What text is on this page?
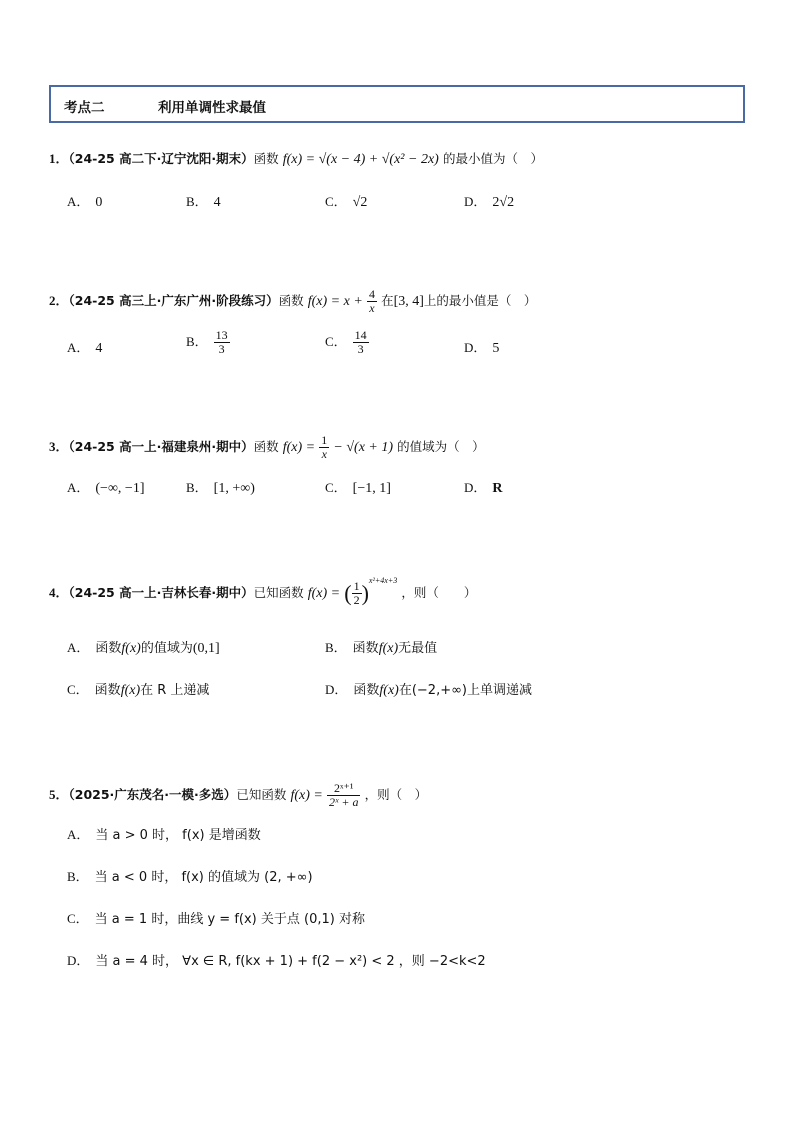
考点二	利用单调性求最值
1．（24-25 高二下·辽宁沈阳·期末）函数 f(x) = √(x − 4) + √(x² − 2x) 的最小值为（　）
A． 0	B． 4	C． √2	D． 2√2
2．（24-25 高三上·广东广州·阶段练习）函数 $f(x) = x + \frac{4}{x}$ 在[3, 4]上的最小值是（　）
A． 4	B． $\frac{13}{3}$	C． $\frac{14}{3}$	D． 5
3．（24-25 高一上·福建泉州·期中）函数 $f(x) = \frac{1}{x} - √(x + 1)$ 的值域为（　）
A． (−∞, −1]	B． [1, +∞)	C． [−1, 1]	D． R
4．（24-25 高一上·吉林长春·期中）已知函数 f(x) = ( $\frac{1}{2} )^{x^2+4x+3}$ ，则（　　）
A． 函数f(x)的值域为(0,1]	B． 函数f(x)无最值
C． 函数f(x)在 R 上递减	D． 函数f(x)在(−2,+∞)上单调递减
5．（2025·广东茂名·一模·多选）已知函数 $f(x) = \frac{\text{2ˣ⁺¹}}{\text{2ˣ + a}}$ ，则（　）
A． 当 a > 0 时， f(x) 是增函数
B． 当 a < 0 时， f(x) 的值域为 (2, +∞)
C． 当 a = 1 时，曲线 y = f(x) 关于点 (0,1) 对称
D． 当 a = 4 时， ∀x ∈ R, f(kx + 1) + f(2 − x²) < 2 ，则 −2<k<2
